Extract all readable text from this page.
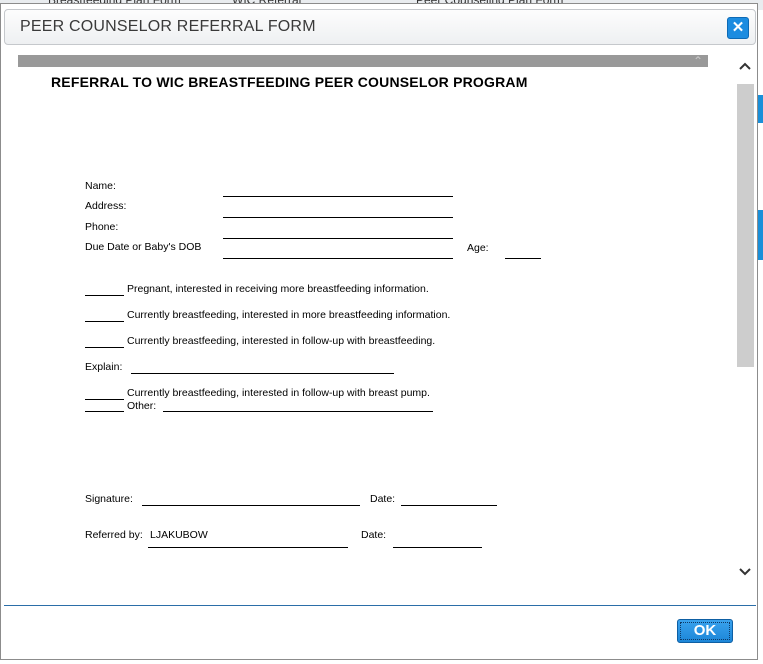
PEER COUNSELOR REFERRAL FORM	✕
REFERRAL TO WIC BREASTFEEDING PEER COUNSELOR PROGRAM
Name:
Address:
Phone:
Due Date or Baby's DOB	Age:
Pregnant, interested in receiving more breastfeeding information.
Currently breastfeeding, interested in more breastfeeding information.
Currently breastfeeding, interested in follow-up with breastfeeding.
Explain:
Currently breastfeeding, interested in follow-up with breast pump.
Other:
Signature:	Date:
Referred by: LJAKUBOW	Date:
⌃
OK
